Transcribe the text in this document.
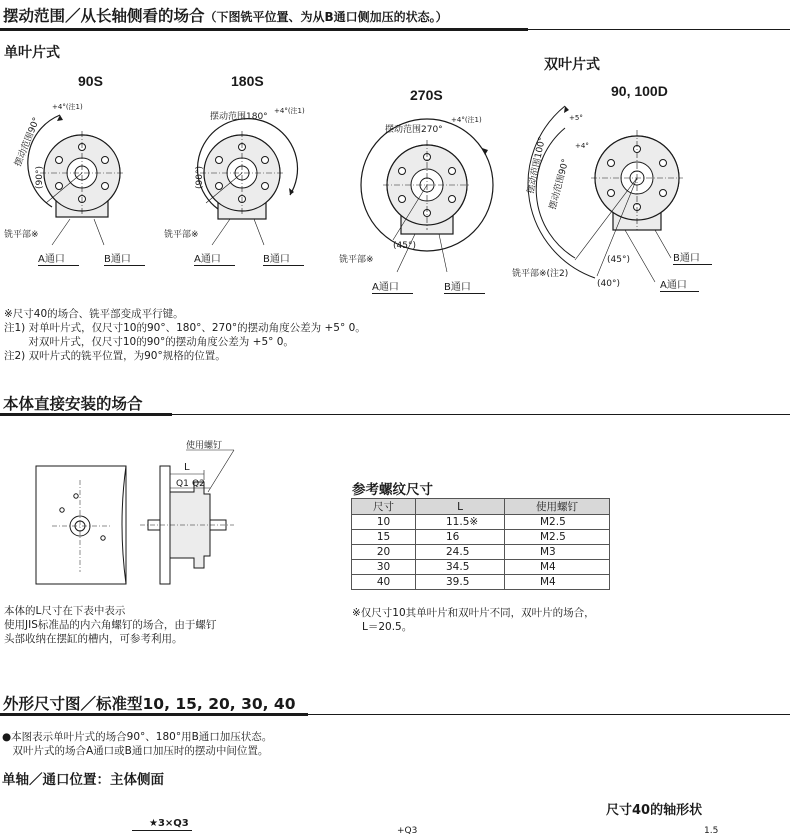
摆动范围／从长轴侧看的场合（下图铣平位置、为从B通口侧加压的状态。）
单叶片式
双叶片式
90S	180S
270S	90, 100D
摆动范围90°
+4°(注1)
(90°)
铣平部※
A通口	B通口
摆动范围180°
+4°(注1)
(90°)
铣平部※
A通口	B通口
摆动范围270°
+4°(注1)
(45°)
铣平部※
A通口	B通口
摆动范围100°
+5°
摆动范围90°
+4°
(45°)
(40°)
铣平部※(注2)
B通口
A通口
※尺寸40的场合、铣平部变成平行键。
注1) 对单叶片式，仅尺寸10的90°、180°、270°的摆动角度公差为 +5° 0。
　　 对双叶片式，仅尺寸10的90°的摆动角度公差为 +5° 0。
注2) 双叶片式的铣平位置，为90°规格的位置。
本体直接安装的场合
使用螺钉
L
Q1 Q2
本体的L尺寸在下表中表示
使用JIS标准品的内六角螺钉的场合，由于螺钉
头部收纳在摆缸的槽内，可参考利用。
参考螺纹尺寸
尺寸	L	使用螺钉
10	11.5※	M2.5
15	16	M2.5
20	24.5	M3
30	34.5	M4
40	39.5	M4
※仅尺寸10其单叶片和双叶片不同，双叶片的场合，
L＝20.5。
外形尺寸图／标准型10, 15, 20, 30, 40
●本图表示单叶片式的场合90°、180°用B通口加压状态。
　双叶片式的场合A通口或B通口加压时的摆动中间位置。
单轴／通口位置：主体侧面
尺寸40的轴形状
★3×Q3
+Q3	1.5
